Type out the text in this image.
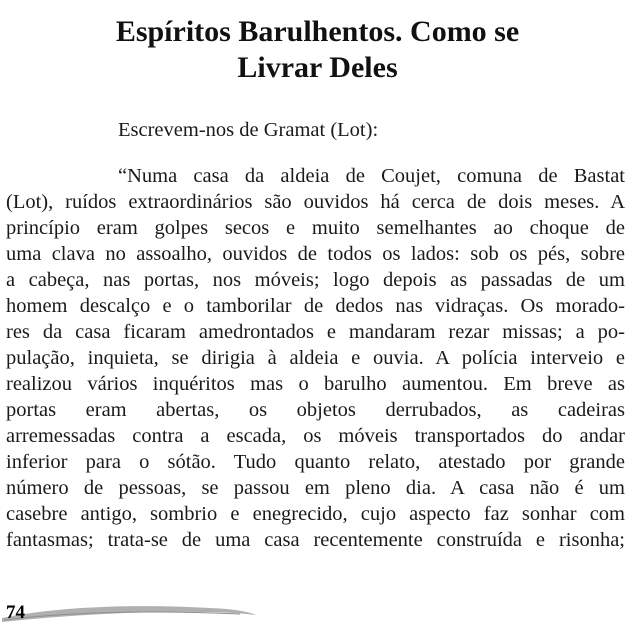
Espíritos Barulhentos. Como se
Livrar Deles

Escrevem-nos de Gramat (Lot):

“Numa casa da aldeia de Coujet, comuna de Bastat
(Lot), ruídos extraordinários são ouvidos há cerca de dois meses. A
princípio eram golpes secos e muito semelhantes ao choque de
uma clava no assoalho, ouvidos de todos os lados: sob os pés, sobre
a cabeça, nas portas, nos móveis; logo depois as passadas de um
homem descalço e o tamborilar de dedos nas vidraças. Os morado-
res da casa ficaram amedrontados e mandaram rezar missas; a po-
pulação, inquieta, se dirigia à aldeia e ouvia. A polícia interveio e
realizou vários inquéritos mas o barulho aumentou. Em breve as
portas eram abertas, os objetos derrubados, as cadeiras
arremessadas contra a escada, os móveis transportados do andar
inferior para o sótão. Tudo quanto relato, atestado por grande
número de pessoas, se passou em pleno dia. A casa não é um
casebre antigo, sombrio e enegrecido, cujo aspecto faz sonhar com
fantasmas; trata-se de uma casa recentemente construída e risonha;
74
